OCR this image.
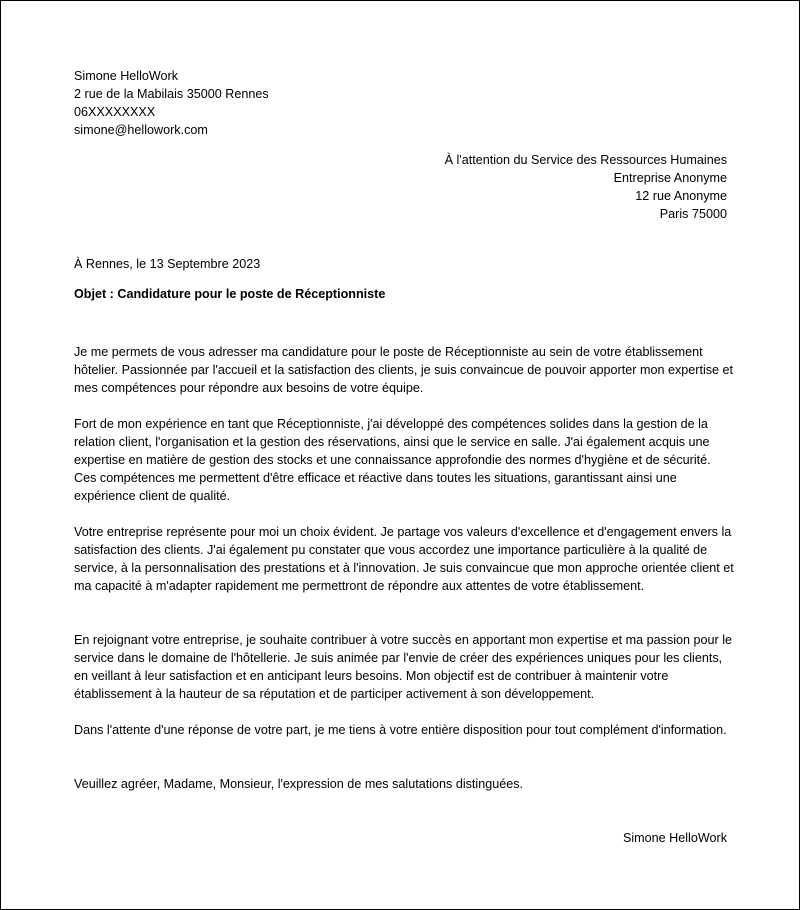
Simone HelloWork
2 rue de la Mabilais 35000 Rennes
06XXXXXXXX
simone@hellowork.com
À l'attention du Service des Ressources Humaines
Entreprise Anonyme
12 rue Anonyme
Paris 75000
À Rennes, le 13 Septembre 2023
Objet : Candidature pour le poste de Réceptionniste

Je me permets de vous adresser ma candidature pour le poste de Réceptionniste au sein de votre établissement hôtelier. Passionnée par l'accueil et la satisfaction des clients, je suis convaincue de pouvoir apporter mon expertise et mes compétences pour répondre aux besoins de votre équipe.

Fort de mon expérience en tant que Réceptionniste, j'ai développé des compétences solides dans la gestion de la relation client, l'organisation et la gestion des réservations, ainsi que le service en salle. J'ai également acquis une expertise en matière de gestion des stocks et une connaissance approfondie des normes d'hygiène et de sécurité. Ces compétences me permettent d'être efficace et réactive dans toutes les situations, garantissant ainsi une expérience client de qualité.

Votre entreprise représente pour moi un choix évident. Je partage vos valeurs d'excellence et d'engagement envers la satisfaction des clients. J'ai également pu constater que vous accordez une importance particulière à la qualité de service, à la personnalisation des prestations et à l'innovation. Je suis convaincue que mon approche orientée client et ma capacité à m'adapter rapidement me permettront de répondre aux attentes de votre établissement.

En rejoignant votre entreprise, je souhaite contribuer à votre succès en apportant mon expertise et ma passion pour le service dans le domaine de l'hôtellerie. Je suis animée par l'envie de créer des expériences uniques pour les clients, en veillant à leur satisfaction et en anticipant leurs besoins. Mon objectif est de contribuer à maintenir votre établissement à la hauteur de sa réputation et de participer activement à son développement.

Dans l'attente d'une réponse de votre part, je me tiens à votre entière disposition pour tout complément d'information.

Veuillez agréer, Madame, Monsieur, l'expression de mes salutations distinguées.

Simone HelloWork
